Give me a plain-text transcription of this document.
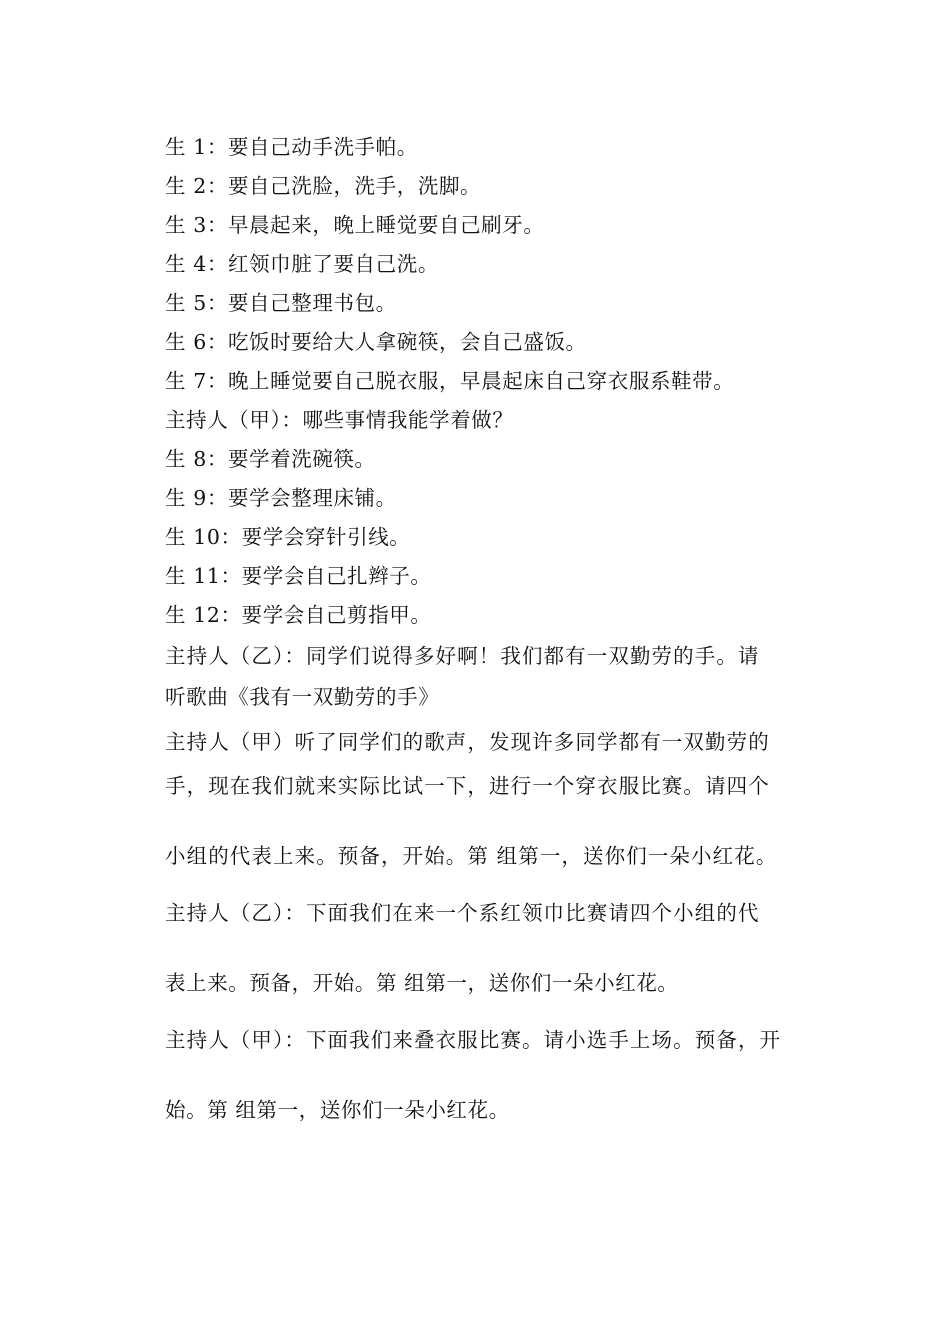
生 1：要自己动手洗手帕。
生 2：要自己洗脸，洗手，洗脚。
生 3：早晨起来，晚上睡觉要自己刷牙。
生 4：红领巾脏了要自己洗。
生 5：要自己整理书包。
生 6：吃饭时要给大人拿碗筷，会自己盛饭。
生 7：晚上睡觉要自己脱衣服，早晨起床自己穿衣服系鞋带。
主持人（甲）：哪些事情我能学着做？
生 8：要学着洗碗筷。
生 9：要学会整理床铺。
生 10：要学会穿针引线。
生 11：要学会自己扎辫子。
生 12：要学会自己剪指甲。
主持人（乙）：同学们说得多好啊！我们都有一双勤劳的手。请
听歌曲《我有一双勤劳的手》
主持人（甲）听了同学们的歌声，发现许多同学都有一双勤劳的
手，现在我们就来实际比试一下，进行一个穿衣服比赛。请四个
小组的代表上来。预备，开始。第 组第一，送你们一朵小红花。
主持人（乙）：下面我们在来一个系红领巾比赛请四个小组的代
表上来。预备，开始。第 组第一，送你们一朵小红花。
主持人（甲）：下面我们来叠衣服比赛。请小选手上场。预备，开
始。第 组第一，送你们一朵小红花。
